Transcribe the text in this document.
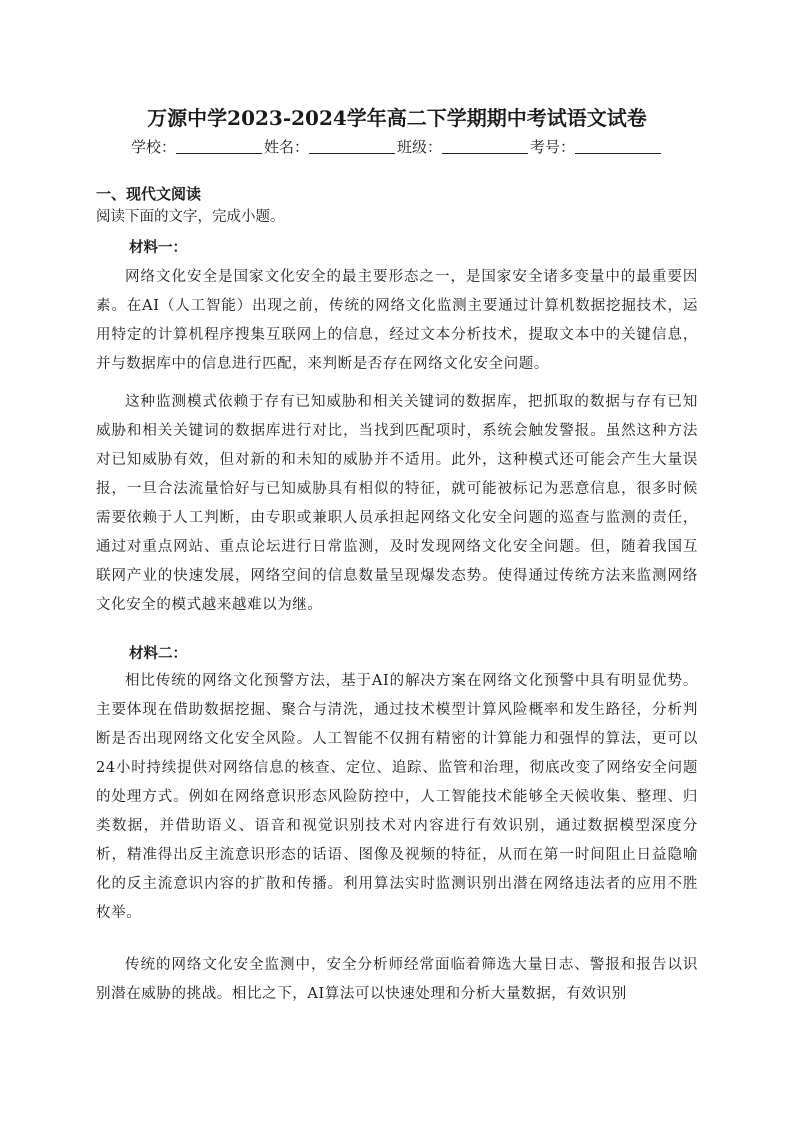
万源中学2023-2024学年高二下学期期中考试语文试卷
学校：	姓名：	班级：	考号：
一、现代文阅读
阅读下面的文字，完成小题。
材料一：

网络文化安全是国家文化安全的最主要形态之一，是国家安全诸多变量中的最重要因素。在AI（人工智能）出现之前，传统的网络文化监测主要通过计算机数据挖掘技术，运用特定的计算机程序搜集互联网上的信息，经过文本分析技术，提取文本中的关键信息，并与数据库中的信息进行匹配，来判断是否存在网络文化安全问题。

这种监测模式依赖于存有已知威胁和相关关键词的数据库，把抓取的数据与存有已知威胁和相关关键词的数据库进行对比，当找到匹配项时，系统会触发警报。虽然这种方法对已知威胁有效，但对新的和未知的威胁并不适用。此外，这种模式还可能会产生大量误报，一旦合法流量恰好与已知威胁具有相似的特征，就可能被标记为恶意信息，很多时候需要依赖于人工判断，由专职或兼职人员承担起网络文化安全问题的巡查与监测的责任，通过对重点网站、重点论坛进行日常监测，及时发现网络文化安全问题。但，随着我国互联网产业的快速发展，网络空间的信息数量呈现爆发态势。使得通过传统方法来监测网络文化安全的模式越来越难以为继。

材料二：

相比传统的网络文化预警方法，基于AI的解决方案在网络文化预警中具有明显优势。主要体现在借助数据挖掘、聚合与清洗，通过技术模型计算风险概率和发生路径，分析判断是否出现网络文化安全风险。人工智能不仅拥有精密的计算能力和强悍的算法，更可以24小时持续提供对网络信息的核查、定位、追踪、监管和治理，彻底改变了网络安全问题的处理方式。例如在网络意识形态风险防控中，人工智能技术能够全天候收集、整理、归类数据，并借助语义、语音和视觉识别技术对内容进行有效识别，通过数据模型深度分析，精准得出反主流意识形态的话语、图像及视频的特征，从而在第一时间阻止日益隐喻化的反主流意识内容的扩散和传播。利用算法实时监测识别出潜在网络违法者的应用不胜枚举。

传统的网络文化安全监测中，安全分析师经常面临着筛选大量日志、警报和报告以识别潜在威胁的挑战。相比之下，AI算法可以快速处理和分析大量数据，有效识别
